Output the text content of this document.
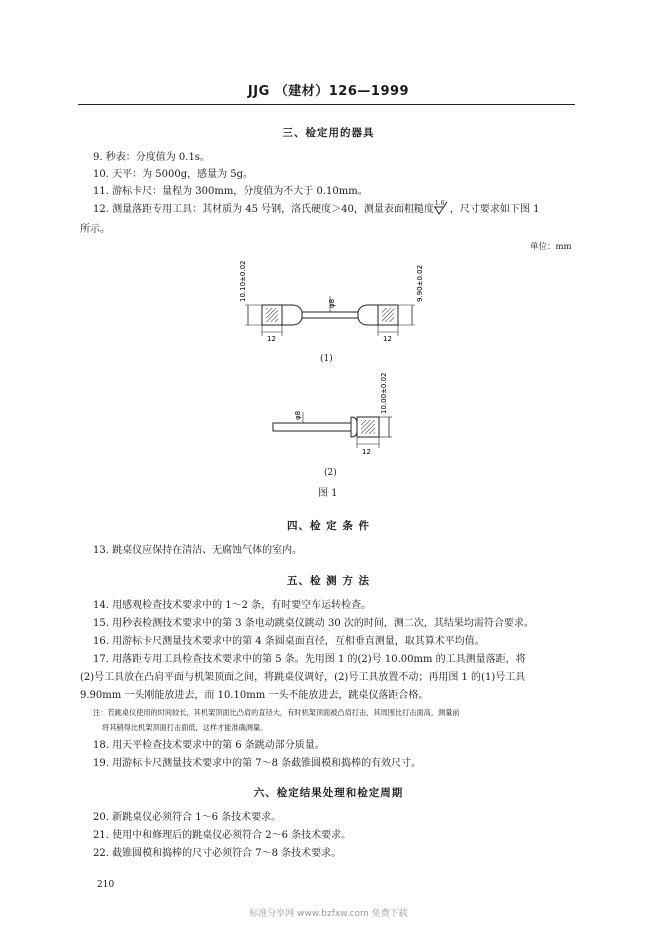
JJG （建材）126—1999
三、检定用的器具
9. 秒表：分度值为 0.1s。
10. 天平：为 5000g，感量为 5g。
11. 游标卡尺：量程为 300mm，分度值为不大于 0.10mm。
12. 测量落距专用工具：其材质为 45 号钢，洛氏硬度＞40，测量表面粗糙度
1.6
，尺寸要求如下图 1
所示。
单位：mm
10.10±0.02	9.90±0.02
φ8
12	12
(1)
φ8
10.00±0.02
12
(2)
图 1
四、检 定 条 件
13. 跳桌仪应保持在清洁、无腐蚀气体的室内。
五、检 测 方 法
14. 用感观检查技术要求中的 1～2 条，有时要空车运转检查。
15. 用秒表检测技术要求中的第 3 条电动跳桌仪跳动 30 次的时间，测二次，其结果均需符合要求。
16. 用游标卡尺测量技术要求中的第 4 条圆桌面直径，互相垂直测量，取其算术平均值。
17. 用落距专用工具检查技术要求中的第 5 条。先用图 1 的(2)号 10.00mm 的工具测量落距，将
(2)号工具放在凸肩平面与机架顶面之间，将跳桌仪调好，(2)号工具放置不动；再用图 1 的(1)号工具
9.90mm 一头刚能放进去，而 10.10mm 一头不能放进去，跳桌仪落距合格。
注：若跳桌仪使用的时间较长，其机架顶面比凸肩的直径大，有时机架顶面被凸肩打击，其周围比打击面高，测量前
将其稍得比机架顶面打击面低，这样才能准确测量。
18. 用天平检查技术要求中的第 6 条跳动部分质量。
19. 用游标卡尺测量技术要求中的第 7～8 条截锥圆模和捣棒的有效尺寸。
六、检定结果处理和检定周期
20. 新跳桌仪必须符合 1～6 条技术要求。
21. 使用中和修理后的跳桌仪必须符合 2～6 条技术要求。
22. 截锥圆模和捣棒的尺寸必须符合 7～8 条技术要求。
210
标准分享网 www.bzfxw.com 免费下载
